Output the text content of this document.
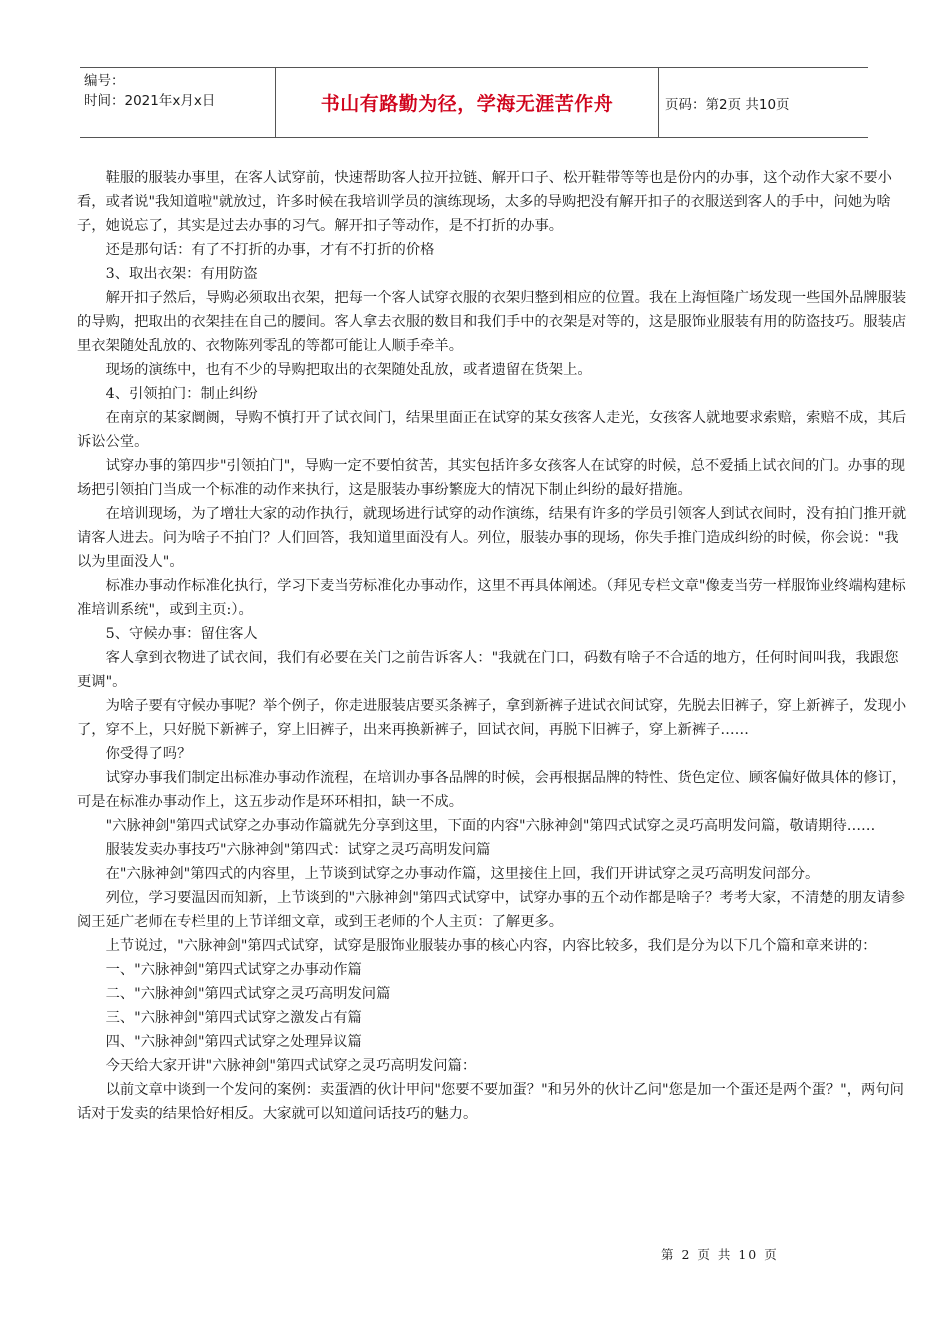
编号：
时间：2021年x月x日	书山有路勤为径，学海无涯苦作舟	页码：第2页 共10页

鞋服的服装办事里，在客人试穿前，快速帮助客人拉开拉链、解开口子、松开鞋带等等也是份内的办事，这个动作大家不要小看，或者说"我知道啦"就放过，许多时候在我培训学员的演练现场，太多的导购把没有解开扣子的衣服送到客人的手中，问她为啥子，她说忘了，其实是过去办事的习气。解开扣子等动作，是不打折的办事。

还是那句话：有了不打折的办事，才有不打折的价格

3、取出衣架：有用防盗

解开扣子然后，导购必须取出衣架，把每一个客人试穿衣服的衣架归整到相应的位置。我在上海恒隆广场发现一些国外品牌服装的导购，把取出的衣架挂在自己的腰间。客人拿去衣服的数目和我们手中的衣架是对等的，这是服饰业服装有用的防盗技巧。服装店里衣架随处乱放的、衣物陈列零乱的等都可能让人顺手牵羊。

现场的演练中，也有不少的导购把取出的衣架随处乱放，或者遗留在货架上。

4、引领拍门：制止纠纷

在南京的某家阛阓，导购不慎打开了试衣间门，结果里面正在试穿的某女孩客人走光，女孩客人就地要求索赔，索赔不成，其后诉讼公堂。

试穿办事的第四步"引领拍门"，导购一定不要怕贫苦，其实包括许多女孩客人在试穿的时候，总不爱插上试衣间的门。办事的现场把引领拍门当成一个标准的动作来执行，这是服装办事纷繁庞大的情况下制止纠纷的最好措施。

在培训现场，为了增壮大家的动作执行，就现场进行试穿的动作演练，结果有许多的学员引领客人到试衣间时，没有拍门推开就请客人进去。问为啥子不拍门？人们回答，我知道里面没有人。列位，服装办事的现场，你失手推门造成纠纷的时候，你会说："我以为里面没人"。

标准办事动作标准化执行，学习下麦当劳标准化办事动作，这里不再具体阐述。（拜见专栏文章"像麦当劳一样服饰业终端构建标准培训系统"，或到主页:）。

5、守候办事：留住客人

客人拿到衣物进了试衣间，我们有必要在关门之前告诉客人："我就在门口，码数有啥子不合适的地方，任何时间叫我，我跟您更调"。

为啥子要有守候办事呢？举个例子，你走进服装店要买条裤子，拿到新裤子进试衣间试穿，先脱去旧裤子，穿上新裤子，发现小了，穿不上，只好脱下新裤子，穿上旧裤子，出来再换新裤子，回试衣间，再脱下旧裤子，穿上新裤子……

你受得了吗？

试穿办事我们制定出标准办事动作流程，在培训办事各品牌的时候，会再根据品牌的特性、货色定位、顾客偏好做具体的修订，可是在标准办事动作上，这五步动作是环环相扣，缺一不成。

"六脉神剑"第四式试穿之办事动作篇就先分享到这里，下面的内容"六脉神剑"第四式试穿之灵巧高明发问篇，敬请期待……

服装发卖办事技巧"六脉神剑"第四式：试穿之灵巧高明发问篇

在"六脉神剑"第四式的内容里，上节谈到试穿之办事动作篇，这里接住上回，我们开讲试穿之灵巧高明发问部分。

列位，学习要温因而知新，上节谈到的"六脉神剑"第四式试穿中，试穿办事的五个动作都是啥子？考考大家，不清楚的朋友请参阅王延广老师在专栏里的上节详细文章，或到王老师的个人主页：了解更多。

上节说过，"六脉神剑"第四式试穿，试穿是服饰业服装办事的核心内容，内容比较多，我们是分为以下几个篇和章来讲的：

一、"六脉神剑"第四式试穿之办事动作篇

二、"六脉神剑"第四式试穿之灵巧高明发问篇

三、"六脉神剑"第四式试穿之激发占有篇

四、"六脉神剑"第四式试穿之处理异议篇

今天给大家开讲"六脉神剑"第四式试穿之灵巧高明发问篇：

以前文章中谈到一个发问的案例：卖蛋酒的伙计甲问"您要不要加蛋？"和另外的伙计乙问"您是加一个蛋还是两个蛋？"，两句问话对于发卖的结果恰好相反。大家就可以知道问话技巧的魅力。

第 2 页 共 10 页
